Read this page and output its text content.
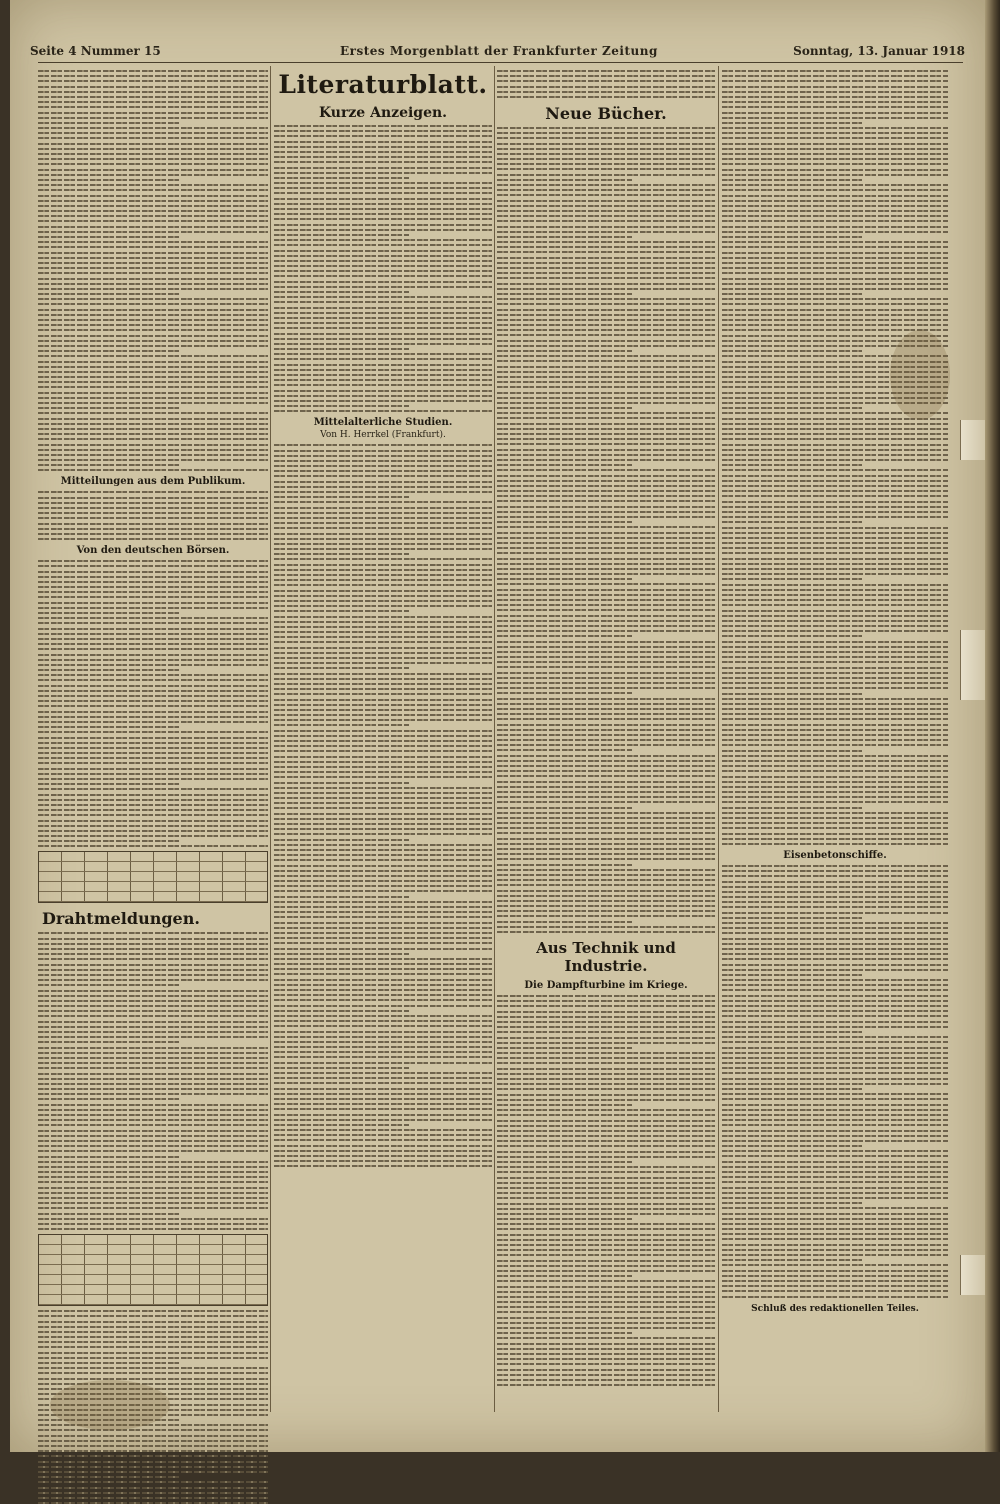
Seite 4 Nummer 15	Erstes Morgenblatt der Frankfurter Zeitung	Sonntag, 13. Januar 1918
Mitteilungen aus dem Publikum.
Von den deutschen Börsen.
Drahtmeldungen.
Literaturblatt.
Kurze Anzeigen.
Mittelalterliche Studien.
Von H. Herrkel (Frankfurt).
Neue Bücher.
Aus Technik und Industrie.
Die Dampfturbine im Kriege.
Eisenbetonschiffe.
Schluß des redaktionellen Teiles.
